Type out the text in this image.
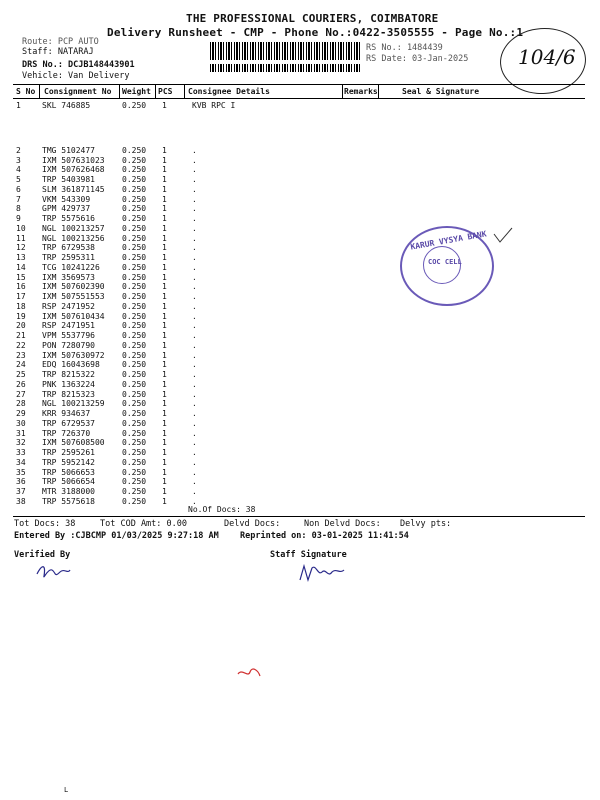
THE PROFESSIONAL COURIERS, COIMBATORE
Delivery Runsheet - CMP - Phone No.:0422-3505555 - Page No.:1
Route: PCP AUTO
Staff: NATARAJ
DRS No.: DCJB148443901
Vehicle: Van Delivery
RS No.: 1484439
RS Date: 03-Jan-2025 104/6
S No Consignment No Weight PCS Consignee Details	Remarks	Seal & Signature
1	SKL 746885	0.250 1	KVB RPC I
2	TMG 5102477	0.250 1	.
3	IXM 507631023 0.250 1	.
4	IXM 507626468 0.250 1	.
5	TRP 5403981	0.250 1	.
6	SLM 361871145 0.250 1	.
7	VKM 543309	0.250 1	.
8	GPM 429737	0.250 1	.
9	TRP 5575616	0.250 1	.
10 NGL 100213257 0.250 1	.
11 NGL 100213256 0.250 1	.
12 TRP 6729538	0.250 1	.
13 TRP 2595311	0.250 1	.
14 TCG 10241226	0.250 1	.
15 IXM 3569573	0.250 1	.
16 IXM 507602390 0.250 1	.
17 IXM 507551553 0.250 1	.
18 RSP 2471952	0.250 1	.
19 IXM 507610434 0.250 1	.
20 RSP 2471951	0.250 1	.
21 VPM 5537796	0.250 1	.
22 PON 7280790	0.250 1	.
23 IXM 507630972 0.250 1	.
24 EDQ 16043698	0.250 1	.
25 TRP 8215322	0.250 1	.
26 PNK 1363224	0.250 1	.
27 TRP 8215323	0.250 1	.
28 NGL 100213259 0.250 1	.
29 KRR 934637	0.250 1	.
30 TRP 6729537	0.250 1	.
31 TRP 726370	0.250 1	.
32 IXM 507608500 0.250 1	.
33 TRP 2595261	0.250 1	.
34 TRP 5952142	0.250 1	.
35 TRP 5066653	0.250 1	.
36 TRP 5066654	0.250 1	.
37 MTR 3188000	0.250 1	.
38 TRP 5575618	0.250 1	.
No.Of Docs: 38
Tot Docs: 38	Tot COD Amt: 0.00	Delvd Docs:	Non Delvd Docs: Delvy pts:
Entered By :CJBCMP 01/03/2025 9:27:18 AM	Reprinted on: 03-01-2025 11:41:54
Verified By	Staff Signature
KARUR VYSYA BANK
COC CELL
L
